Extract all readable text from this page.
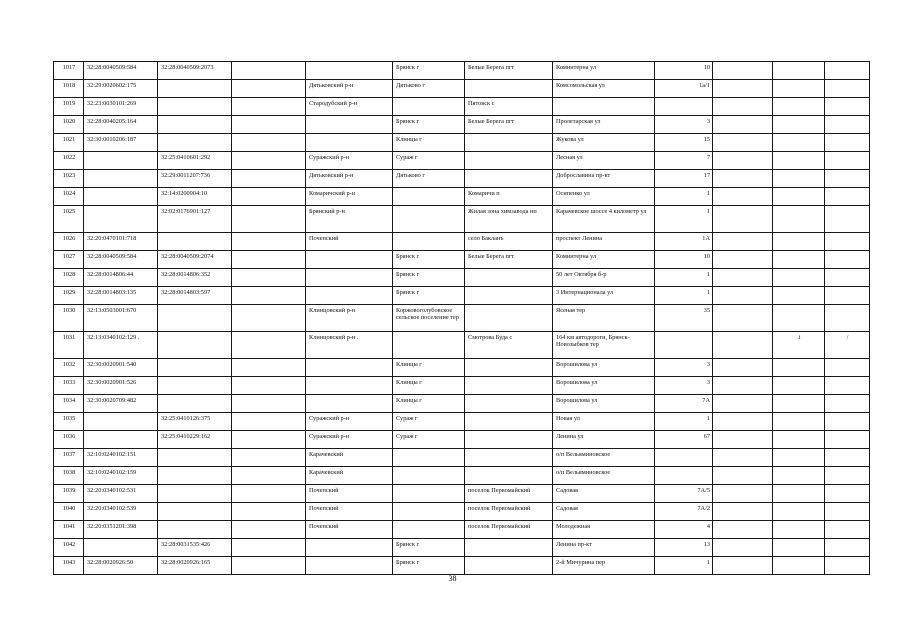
1017	32:28:0040509:584	32:28:0040509:2073			Брянск г	Белые Берега пгт	Коминтерна ул	10			
1018	32:29:0020602:175			Дятьковский р-н	Дятьково г		Комсомольская ул	1а/1			
1019	32:23:0030101:269			Стародубский р-н		Пятовск с					
1020	32:28:0040205:164				Брянск г	Белые Берега пгт	Пролетарская ул	3			
1021	32:30:0010206:187				Клинцы г		Жукова ул	15			
1022		32:25:0410601:292		Суражский р-н	Сураж г		Лесная ул	7			
1023		32:29:0011207:736		Дятьковский р-н	Дятьково г		Доброславина пр-кт	17			
1024		32:14:0200904:10		Комаричский р-н		Комаричи п	Осипенко ул	1			
1025		32:02:0176901:127		Брянский р-н		Жилая зона химзавода нп	Карачевское шоссе 4 километр ул	1			
1026	32:20:0470101:718			Почепский		село Бакланъ	проспект Ленина	1А			
1027	32:28:0040509:584	32:28:0040509:2074			Брянск г	Белые Берега пгт	Коминтерна ул	10			
1028	32:28:0014806:44	32:28:0014806:352			Брянск г		50 лет Октября б-р	1			
1029	32:28:0014803:135	32:28:0014803:597			Брянск г		3 Интернационала ул	1			
1030	32:13:0503001:670			Клинцовский р-н	Коржовоголубовское сельское поселение тер		Ясеная тер	35			
1031	32:13:0340102:129 .			Клинцовский р-н .		Смотрова Буда с	164 км автодороги, Брянск-Новозыбков тер			.i	/
1032	32:30:0020901:540				Клинцы г		Ворошилова ул	3			
1033	32:30:0020901:526				Клинцы г		Ворошилова ул	3			
1034	32:30:0020709:482				Клинцы г		Ворошилова ул	7А			
1035		32:25:0410126:375		Суражский р-н	Сураж г		Новая ул	1			
1036		32:25:0410229:162		Суражский р-н	Сураж г		Ленина ул	67			
1037	32:10:0240102:151			Карачевский			о/п Вельяминовское				
1038	32:10:0240102:159			Карачевский			о/п Вельяминовское				
1039	32:20:0340102:531			Почепский		поселок Первомайский	Садовая	7А/5			
1040	32:20:0340102:539			Почепский		поселок Первомайский	Садовая	7А/2			
1041	32:20:0351201:398			Почепский		поселок Первомайский	Молодежная	4			
1042		32:28:0031535:426			Брянск г		Ленина пр-кт	13			
1043	32:28:0020926:50	32:28:0020926:165			Брянск г		2-й Мичурина пер	1			
38
